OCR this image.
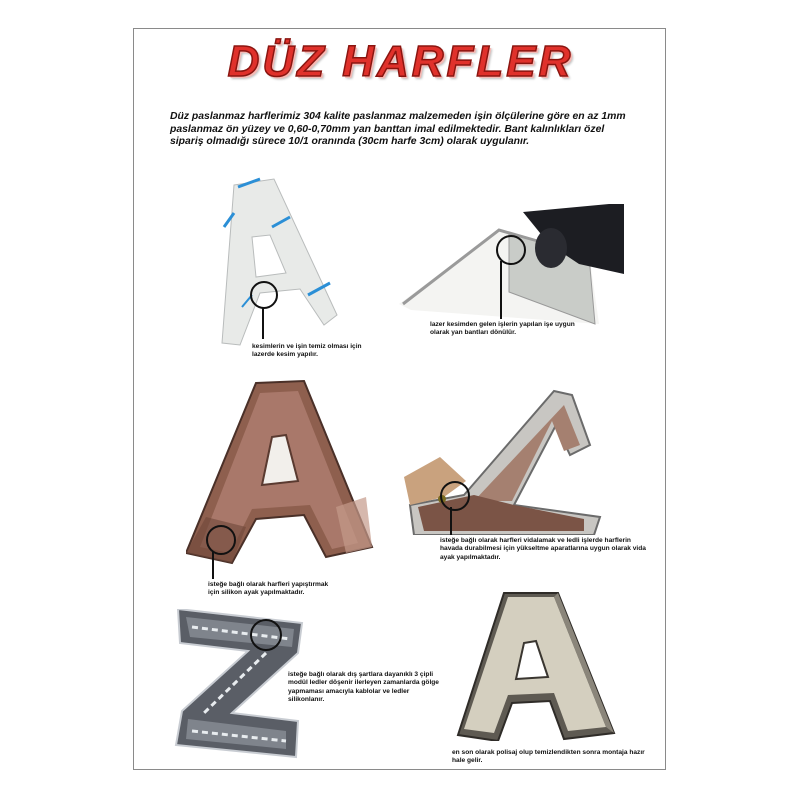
DÜZ HARFLER
Düz paslanmaz harflerimiz 304 kalite paslanmaz malzemeden işin ölçülerine göre en az 1mm paslanmaz ön yüzey ve 0,60-0,70mm yan banttan imal edilmektedir. Bant kalınlıkları özel sipariş olmadığı sürece 10/1 oranında (30cm harfe 3cm) olarak uygulanır.
kesimlerin ve işin temiz olması için lazerde kesim yapılır.
lazer kesimden gelen işlerin yapılan işe uygun olarak yan bantları dönülür.
isteğe bağlı olarak harfleri yapıştırmak için silikon ayak yapılmaktadır.
isteğe bağlı olarak harfleri vidalamak ve ledli işlerde harflerin havada durabilmesi için yükseltme aparatlarına uygun olarak vida ayak yapılmaktadır.
isteğe bağlı olarak dış şartlara dayanıklı 3 çipli modül ledler döşenir ilerleyen zamanlarda gölge yapmaması amacıyla kablolar ve ledler silikonlanır.
en son olarak polisaj olup temizlendikten sonra montaja hazır hale gelir.
